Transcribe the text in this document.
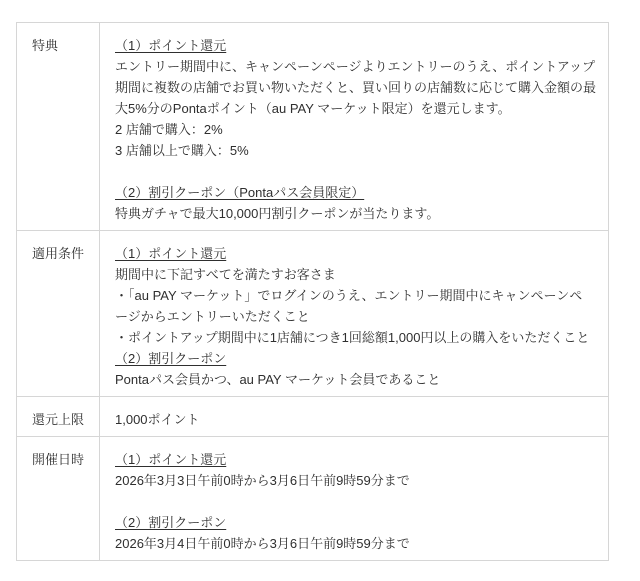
特典	（1）ポイント還元
エントリー期間中に、キャンペーンページよりエントリーのうえ、ポイントアップ
期間に複数の店舗でお買い物いただくと、買い回りの店舗数に応じて購入金額の最
大5%分のPontaポイント（au PAY マーケット限定）を還元します。
2 店舗で購入：2%
3 店舗以上で購入：5%
（2）割引クーポン（Pontaパス会員限定）
特典ガチャで最大10,000円割引クーポンが当たります。

適用条件	（1）ポイント還元
期間中に下記すべてを満たすお客さま
・「au PAY マーケット」でログインのうえ、エントリー期間中にキャンペーンペ
ージからエントリーいただくこと
・ポイントアップ期間中に1店舗につき1回総額1,000円以上の購入をいただくこと
（2）割引クーポン
Pontaパス会員かつ、au PAY マーケット会員であること

還元上限	1,000ポイント

開催日時	（1）ポイント還元
2026年3月3日午前0時から3月6日午前9時59分まで
（2）割引クーポン
2026年3月4日午前0時から3月6日午前9時59分まで
